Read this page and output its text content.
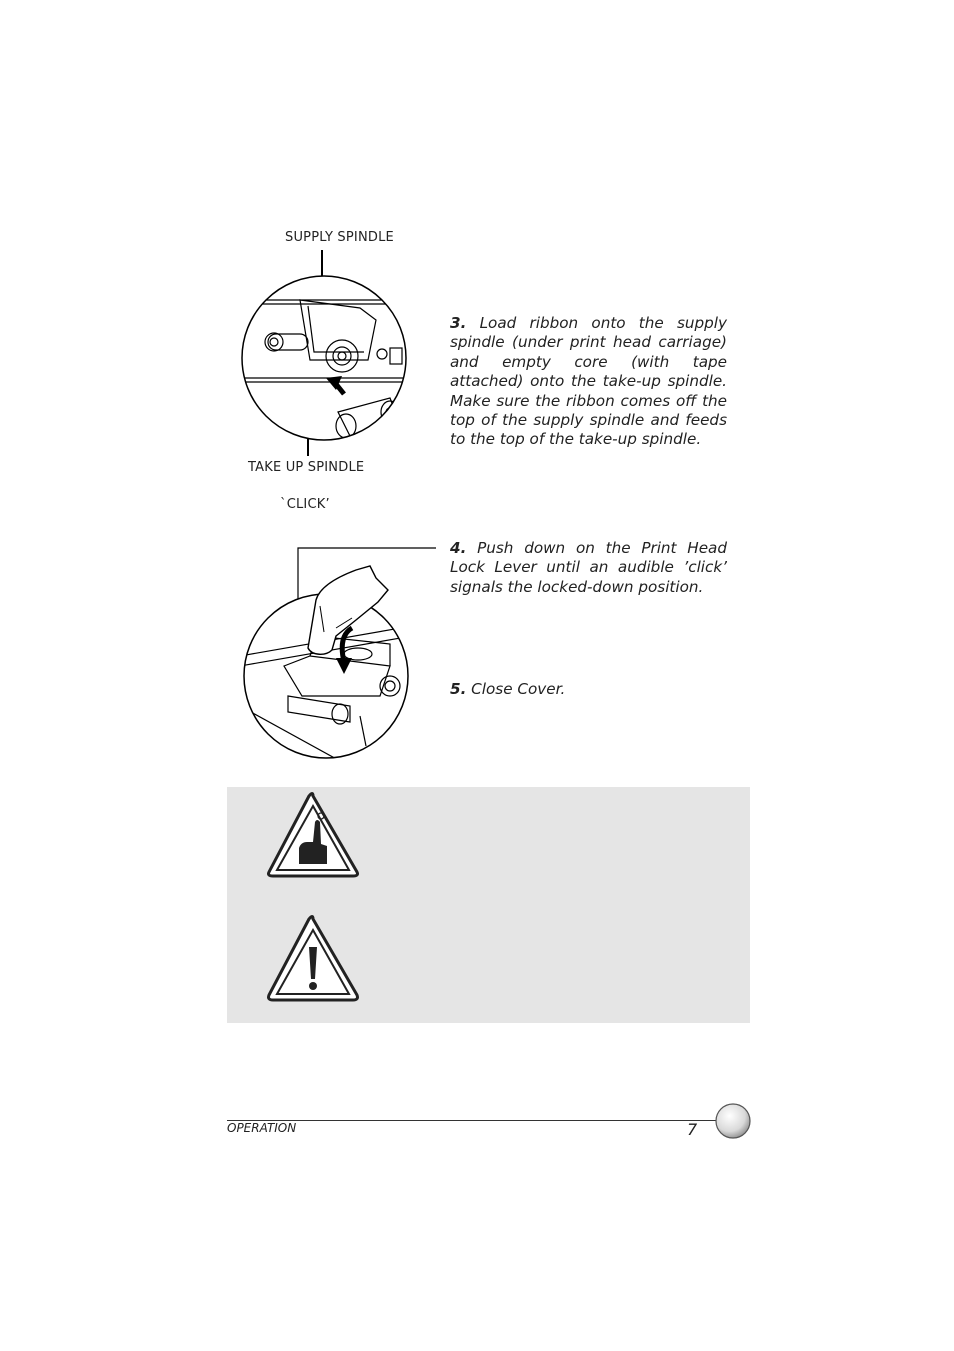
SUPPLY SPINDLE
TAKE UP SPINDLE
3. Load ribbon onto the supply spindle (under print head carriage) and empty core (with tape attached) onto the take-up spindle. Make sure the ribbon comes off the top of the supply spindle and feeds to the top of the take-up spindle.
`CLICK’
4. Push down on the Print Head Lock Lever until an audible ’click’ signals the locked-down position.
5. Close Cover.
OPERATION	7
